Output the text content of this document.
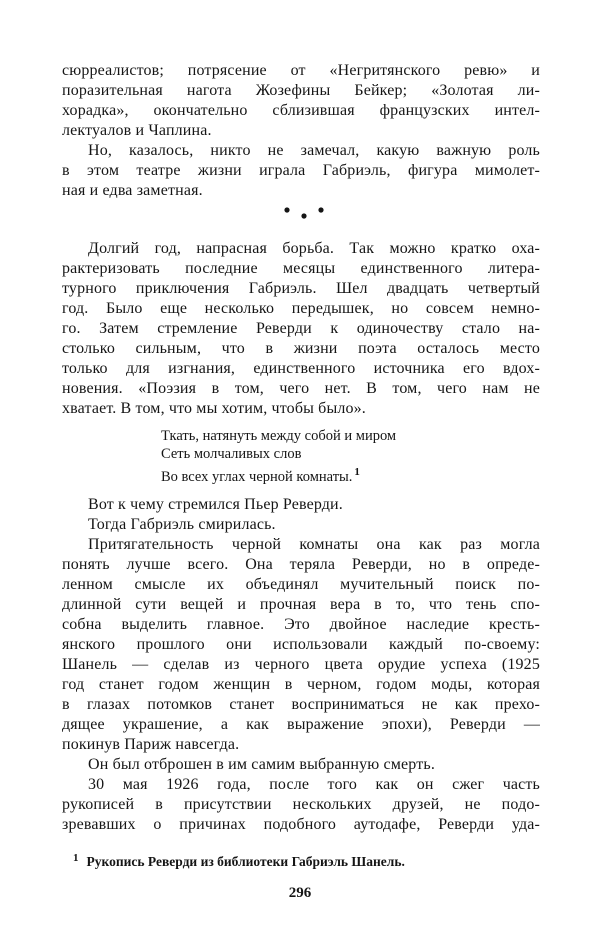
сюрреалистов; потрясение от «Негритянского ревю» и
поразительная нагота Жозефины Бейкер; «Золотая ли-
хорадка», окончательно сблизившая французских интел-
лектуалов и Чаплина.
Но, казалось, никто не замечал, какую важную роль
в этом театре жизни играла Габриэль, фигура мимолет-
ная и едва заметная.
Долгий год, напрасная борьба. Так можно кратко оха-
рактеризовать последние месяцы единственного литера-
турного приключения Габриэль. Шел двадцать четвертый
год. Было еще несколько передышек, но совсем немно-
го. Затем стремление Реверди к одиночеству стало на-
столько сильным, что в жизни поэта осталось место
только для изгнания, единственного источника его вдох-
новения. «Поэзия в том, чего нет. В том, чего нам не
хватает. В том, что мы хотим, чтобы было».
Ткать, натянуть между собой и миром
Сеть молчаливых слов
Во всех углах черной комнаты. $^1$
Вот к чему стремился Пьер Реверди.
Тогда Габриэль смирилась.
Притягательность черной комнаты она как раз могла
понять лучше всего. Она теряла Реверди, но в опреде-
ленном смысле их объединял мучительный поиск по-
длинной сути вещей и прочная вера в то, что тень спо-
собна выделить главное. Это двойное наследие кресть-
янского прошлого они использовали каждый по-своему:
Шанель — сделав из черного цвета орудие успеха (1925
год станет годом женщин в черном, годом моды, которая
в глазах потомков станет восприниматься не как прехо-
дящее украшение, а как выражение эпохи), Реверди —
покинув Париж навсегда.
Он был отброшен в им самим выбранную смерть.
30 мая 1926 года, после того как он сжег часть
рукописей в присутствии нескольких друзей, не подо-
зревавших о причинах подобного аутодафе, Реверди уда-
$^1$ Рукопись Реверди из библиотеки Габриэль Шанель.
296
